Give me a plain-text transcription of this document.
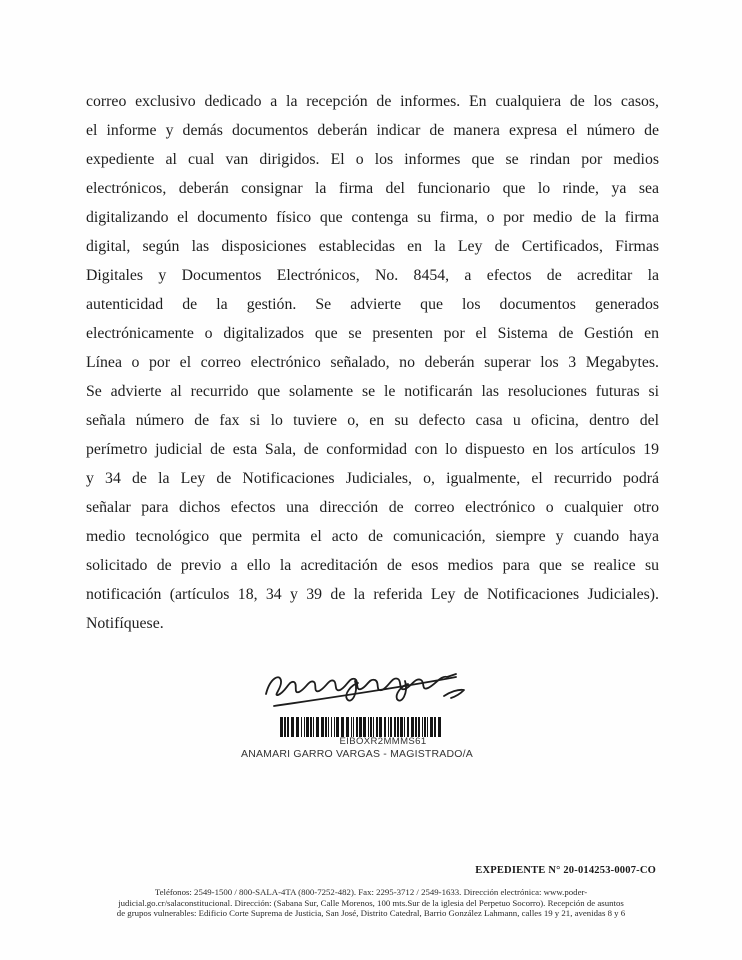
correo exclusivo dedicado a la recepción de informes. En cualquiera de los casos,
el informe y demás documentos deberán indicar de manera expresa el número de
expediente al cual van dirigidos. El o los informes que se rindan por medios
electrónicos, deberán consignar la firma del funcionario que lo rinde, ya sea
digitalizando el documento físico que contenga su firma, o por medio de la firma
digital, según las disposiciones establecidas en la Ley de Certificados, Firmas
Digitales y Documentos Electrónicos, No. 8454, a efectos de acreditar la
autenticidad de la gestión. Se advierte que los documentos generados
electrónicamente o digitalizados que se presenten por el Sistema de Gestión en
Línea o por el correo electrónico señalado, no deberán superar los 3 Megabytes.
Se advierte al recurrido que solamente se le notificarán las resoluciones futuras si
señala número de fax si lo tuviere o, en su defecto casa u oficina, dentro del
perímetro judicial de esta Sala, de conformidad con lo dispuesto en los artículos 19
y 34 de la Ley de Notificaciones Judiciales, o, igualmente, el recurrido podrá
señalar para dichos efectos una dirección de correo electrónico o cualquier otro
medio tecnológico que permita el acto de comunicación, siempre y cuando haya
solicitado de previo a ello la acreditación de esos medios para que se realice su
notificación (artículos 18, 34 y 39 de la referida Ley de Notificaciones Judiciales).
Notifíquese.
EIBOXR2MMMS61
ANAMARI GARRO VARGAS - MAGISTRADO/A
EXPEDIENTE N° 20-014253-0007-CO
Teléfonos: 2549-1500 / 800-SALA-4TA (800-7252-482). Fax: 2295-3712 / 2549-1633. Dirección electrónica: www.poder-
judicial.go.cr/salaconstitucional. Dirección: (Sabana Sur, Calle Morenos, 100 mts.Sur de la iglesia del Perpetuo Socorro). Recepción de asuntos
de grupos vulnerables: Edificio Corte Suprema de Justicia, San José, Distrito Catedral, Barrio González Lahmann, calles 19 y 21, avenidas 8 y 6
